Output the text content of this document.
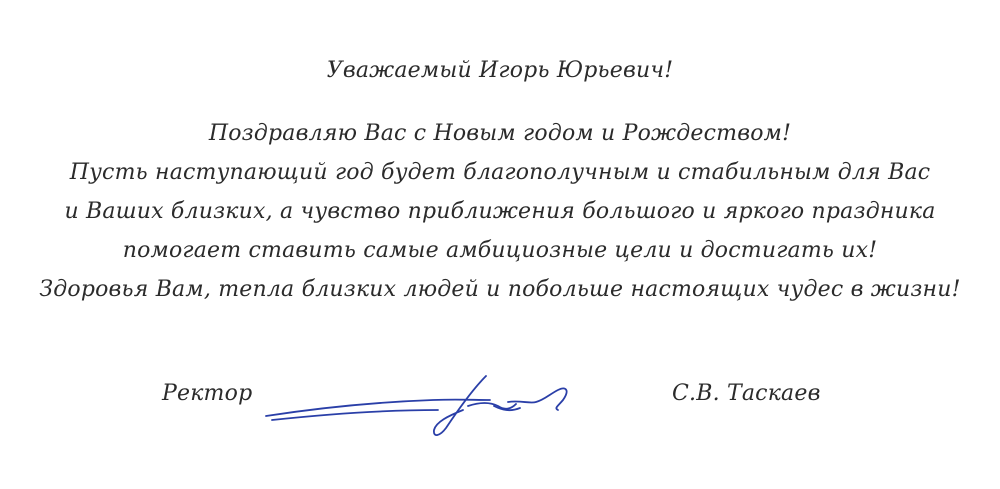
Уважаемый Игорь Юрьевич!
Поздравляю Вас с Новым годом и Рождеством!
Пусть наступающий год будет благополучным и стабильным для Вас
и Ваших близких, а чувство приближения большого и яркого праздника
помогает ставить самые амбициозные цели и достигать их!
Здоровья Вам, тепла близких людей и побольше настоящих чудес в жизни!
Ректор	С.В. Таскаев
